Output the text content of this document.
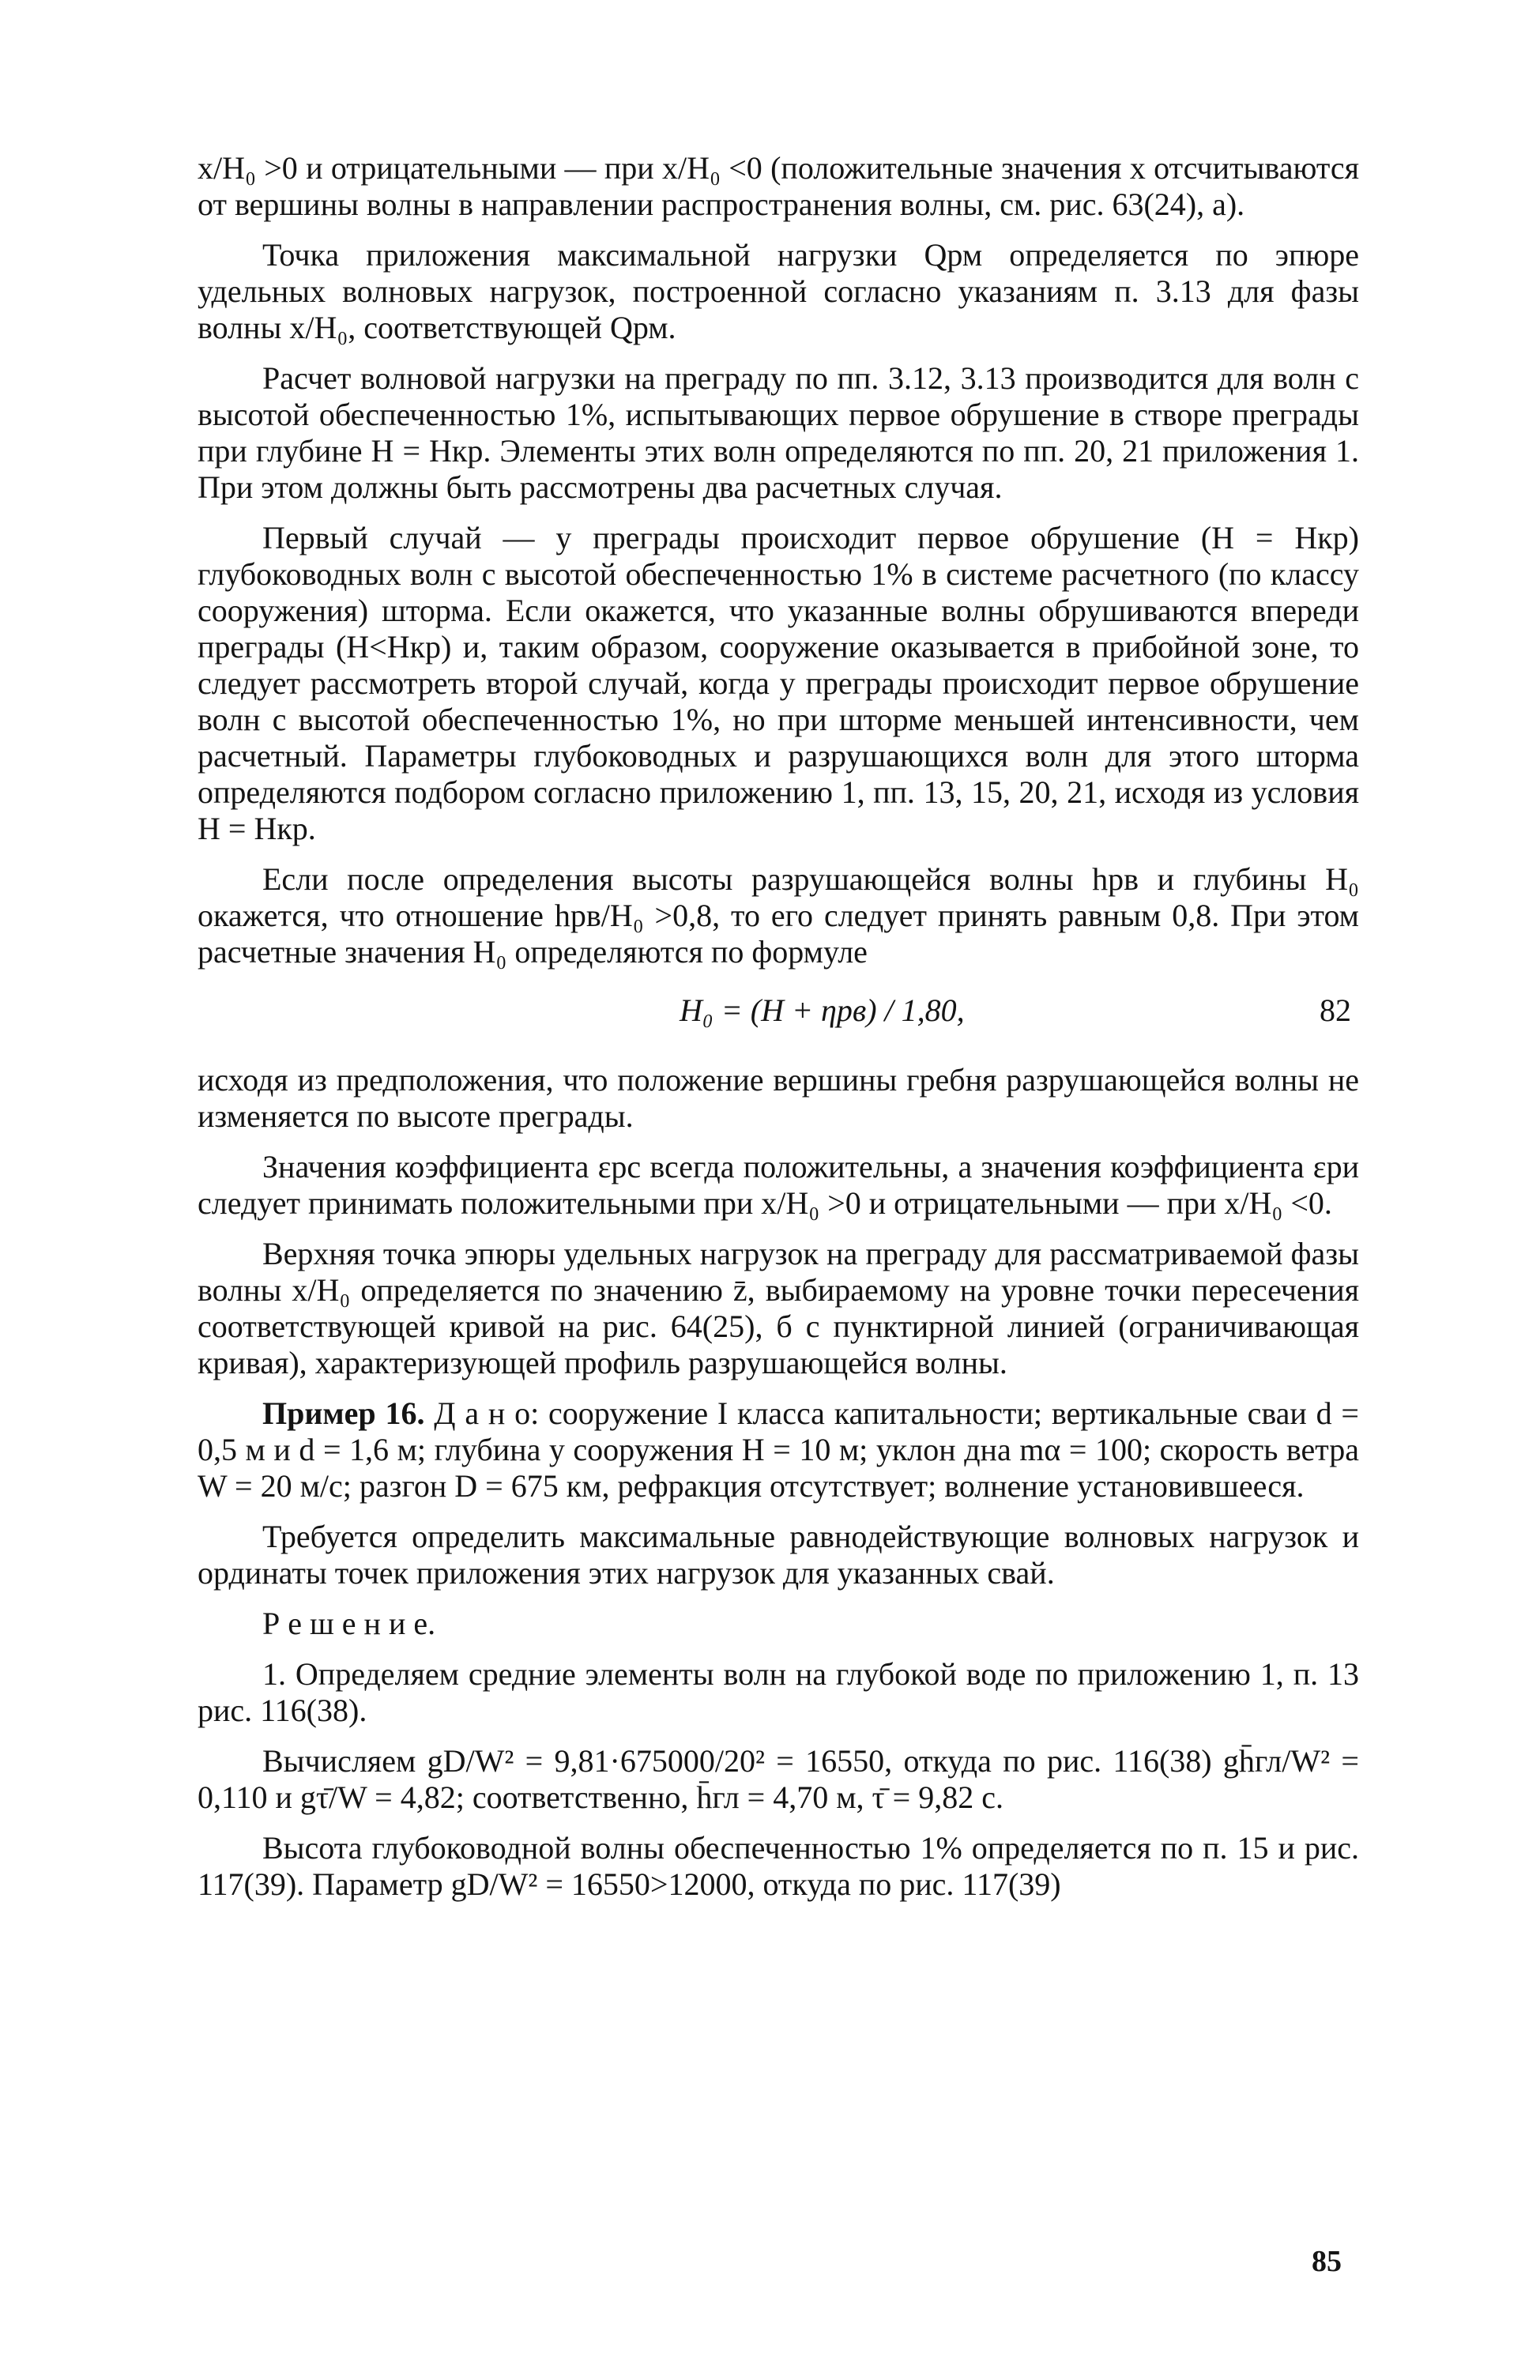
x/H₀ >0 и отрицательными — при x/H₀ <0 (положительные значения x отсчитываются от вершины волны в направлении распространения волны, см. рис. 63(24), а).

Точка приложения максимальной нагрузки Qрм определяется по эпюре удельных волновых нагрузок, построенной согласно указаниям п. 3.13 для фазы волны x/H₀, соответствующей Qрм.

Расчет волновой нагрузки на преграду по пп. 3.12, 3.13 производится для волн с высотой обеспеченностью 1%, испытывающих первое обрушение в створе преграды при глубине H = Hкр. Элементы этих волн определяются по пп. 20, 21 приложения 1. При этом должны быть рассмотрены два расчетных случая.

Первый случай — у преграды происходит первое обрушение (H = Hкр) глубоководных волн с высотой обеспеченностью 1% в системе расчетного (по классу сооружения) шторма. Если окажется, что указанные волны обрушиваются впереди преграды (H<Hкр) и, таким образом, сооружение оказывается в прибойной зоне, то следует рассмотреть второй случай, когда у преграды происходит первое обрушение волн с высотой обеспеченностью 1%, но при шторме меньшей интенсивности, чем расчетный. Параметры глубоководных и разрушающихся волн для этого шторма определяются подбором согласно приложению 1, пп. 13, 15, 20, 21, исходя из условия H = Hкр.

Если после определения высоты разрушающейся волны hрв и глубины H₀ окажется, что отношение hрв/H₀ >0,8, то его следует принять равным 0,8. При этом расчетные значения H₀ определяются по формуле

H₀ = (H + ηрв) / 1,80,	82

исходя из предположения, что положение вершины гребня разрушающейся волны не изменяется по высоте преграды.

Значения коэффициента εрс всегда положительны, а значения коэффициента εри следует принимать положительными при x/H₀ >0 и отрицательными — при x/H₀ <0.

Верхняя точка эпюры удельных нагрузок на преграду для рассматриваемой фазы волны x/H₀ определяется по значению z̄, выбираемому на уровне точки пересечения соответствующей кривой на рис. 64(25), б с пунктирной линией (ограничивающая кривая), характеризующей профиль разрушающейся волны.

Пример 16. Д а н о: сооружение I класса капитальности; вертикальные сваи d = 0,5 м и d = 1,6 м; глубина у сооружения H = 10 м; уклон дна mα = 100; скорость ветра W = 20 м/с; разгон D = 675 км, рефракция отсутствует; волнение установившееся.

Требуется определить максимальные равнодействующие волновых нагрузок и ординаты точек приложения этих нагрузок для указанных свай.

Р е ш е н и е.

1. Определяем средние элементы волн на глубокой воде по приложению 1, п. 13 рис. 116(38).

Вычисляем gD/W² = 9,81·675000/20² = 16550, откуда по рис. 116(38) gh̄гл/W² = 0,110 и gτ̄/W = 4,82; соответственно, h̄гл = 4,70 м, τ̄ = 9,82 с.

Высота глубоководной волны обеспеченностью 1% определяется по п. 15 и рис. 117(39). Параметр gD/W² = 16550>12000, откуда по рис. 117(39)

85
